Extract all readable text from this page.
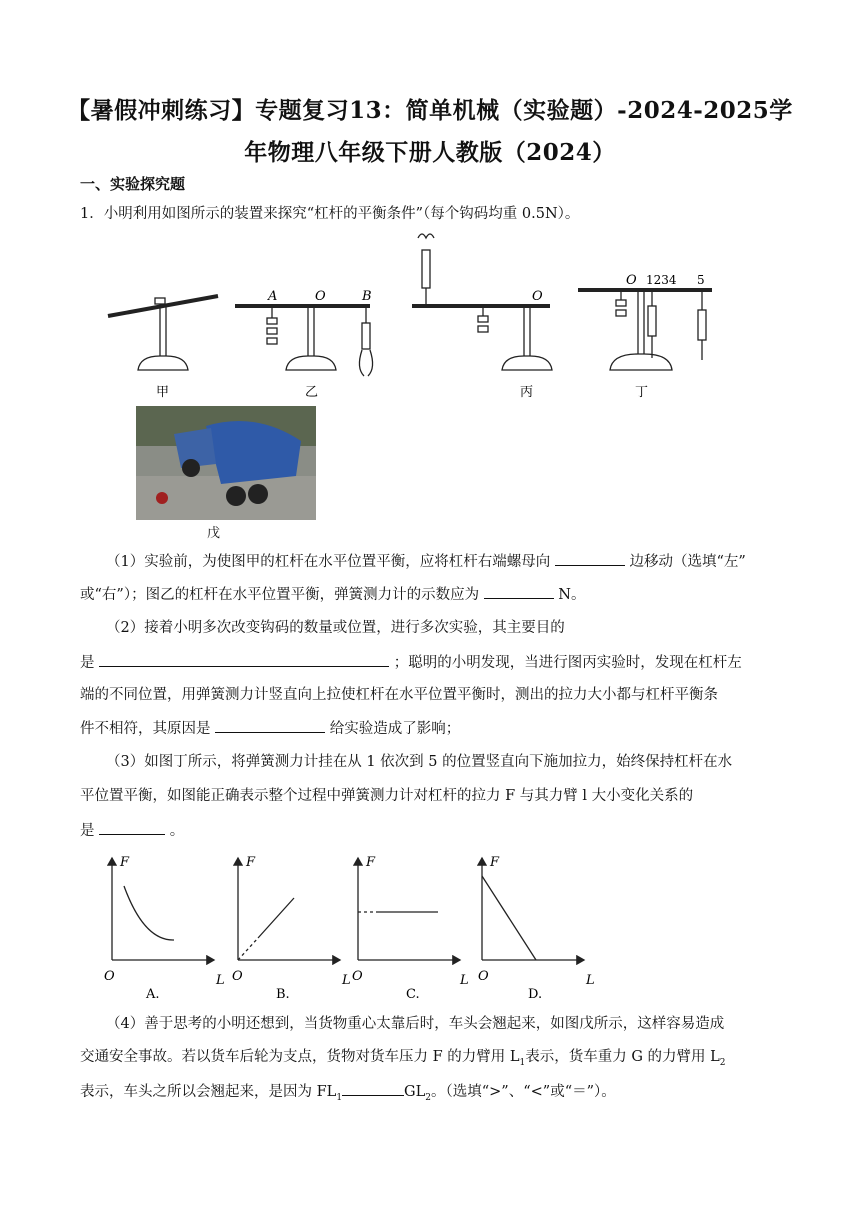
【暑假冲刺练习】专题复习13：简单机械（实验题）-2024-2025学
年物理八年级下册人教版（2024）
一、实验探究题
1．小明利用如图所示的装置来探究“杠杆的平衡条件”（每个钩码均重 0.5N）。
A	O	B	O
O 1234 5
甲	乙	丙	丁
戊
（1）实验前，为使图甲的杠杆在水平位置平衡，应将杠杆右端螺母向	边移动（选填“左”
或“右”）；图乙的杠杆在水平位置平衡，弹簧测力计的示数应为	N。
（2）接着小明多次改变钩码的数量或位置，进行多次实验，其主要目的
是	；聪明的小明发现，当进行图丙实验时，发现在杠杆左
端的不同位置，用弹簧测力计竖直向上拉使杠杆在水平位置平衡时，测出的拉力大小都与杠杆平衡条
件不相符，其原因是	给实验造成了影响；
（3）如图丁所示，将弹簧测力计挂在从 1 依次到 5 的位置竖直向下施加拉力，始终保持杠杆在水
平位置平衡，如图能正确表示整个过程中弹簧测力计对杠杆的拉力 F 与其力臂 l 大小变化关系的
是	。
F
O	L
F
O	L
F
O	L
F
O	L
A.	B.	C.	D.
（4）善于思考的小明还想到，当货物重心太靠后时，车头会翘起来，如图戊所示，这样容易造成
交通安全事故。若以货车后轮为支点，货物对货车压力 F 的力臂用 $L_1$表示，货车重力 G 的力臂用 $L_2$
表示，车头之所以会翘起来，是因为 $FL_1$	$GL_2$。（选填“>”、“<”或“＝”）。
